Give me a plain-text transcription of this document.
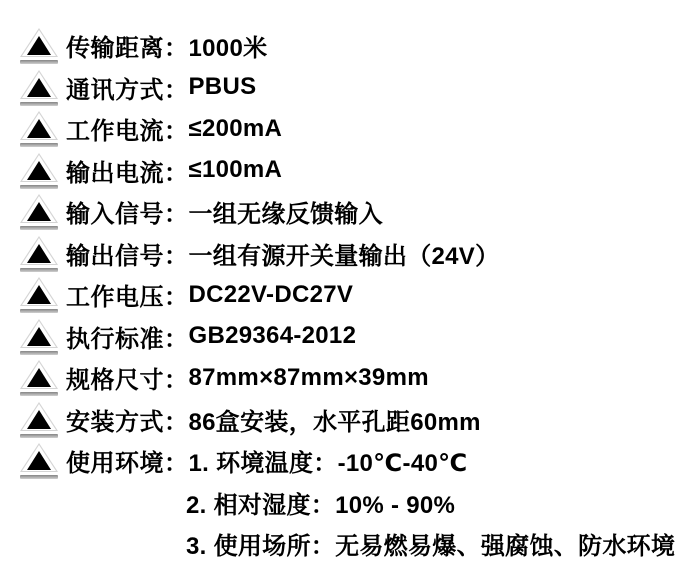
传输距离： 1000米
通讯方式： PBUS
工作电流： ≤200mA
输出电流： ≤100mA
输入信号： 一组无缘反馈输入
输出信号： 一组有源开关量输出（24V）
工作电压： DC22V-DC27V
执行标准： GB29364-2012
规格尺寸： 87mm×87mm×39mm
安装方式： 86盒安装，水平孔距60mm
使用环境： 1. 环境温度：-10℃-40℃
2. 相对湿度：10% - 90%
3. 使用场所：无易燃易爆、强腐蚀、防水环境
